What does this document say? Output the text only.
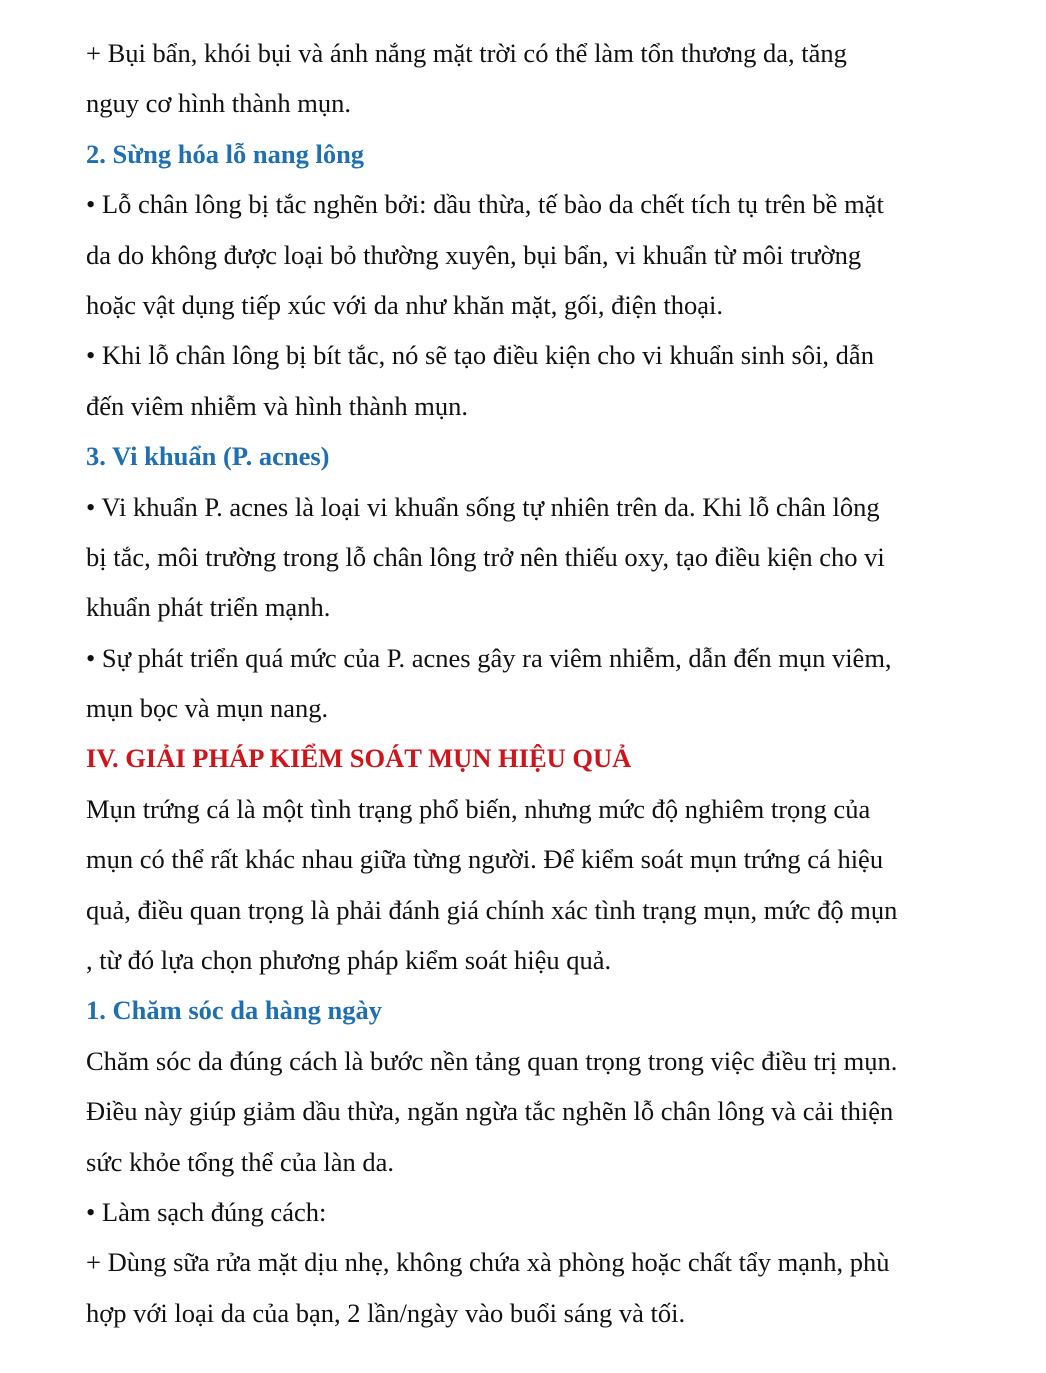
+ Bụi bẩn, khói bụi và ánh nắng mặt trời có thể làm tổn thương da, tăng
nguy cơ hình thành mụn.
2. Sừng hóa lỗ nang lông
• Lỗ chân lông bị tắc nghẽn bởi: dầu thừa, tế bào da chết tích tụ trên bề mặt
da do không được loại bỏ thường xuyên, bụi bẩn, vi khuẩn từ môi trường
hoặc vật dụng tiếp xúc với da như khăn mặt, gối, điện thoại.
• Khi lỗ chân lông bị bít tắc, nó sẽ tạo điều kiện cho vi khuẩn sinh sôi, dẫn
đến viêm nhiễm và hình thành mụn.
3. Vi khuẩn (P. acnes)
• Vi khuẩn P. acnes là loại vi khuẩn sống tự nhiên trên da. Khi lỗ chân lông
bị tắc, môi trường trong lỗ chân lông trở nên thiếu oxy, tạo điều kiện cho vi
khuẩn phát triển mạnh.
• Sự phát triển quá mức của P. acnes gây ra viêm nhiễm, dẫn đến mụn viêm,
mụn bọc và mụn nang.
IV. GIẢI PHÁP KIỂM SOÁT MỤN HIỆU QUẢ
Mụn trứng cá là một tình trạng phổ biến, nhưng mức độ nghiêm trọng của
mụn có thể rất khác nhau giữa từng người. Để kiểm soát mụn trứng cá hiệu
quả, điều quan trọng là phải đánh giá chính xác tình trạng mụn, mức độ mụn
, từ đó lựa chọn phương pháp kiểm soát hiệu quả.
1. Chăm sóc da hàng ngày
Chăm sóc da đúng cách là bước nền tảng quan trọng trong việc điều trị mụn.
Điều này giúp giảm dầu thừa, ngăn ngừa tắc nghẽn lỗ chân lông và cải thiện
sức khỏe tổng thể của làn da.
• Làm sạch đúng cách:
+ Dùng sữa rửa mặt dịu nhẹ, không chứa xà phòng hoặc chất tẩy mạnh, phù
hợp với loại da của bạn, 2 lần/ngày vào buổi sáng và tối.
